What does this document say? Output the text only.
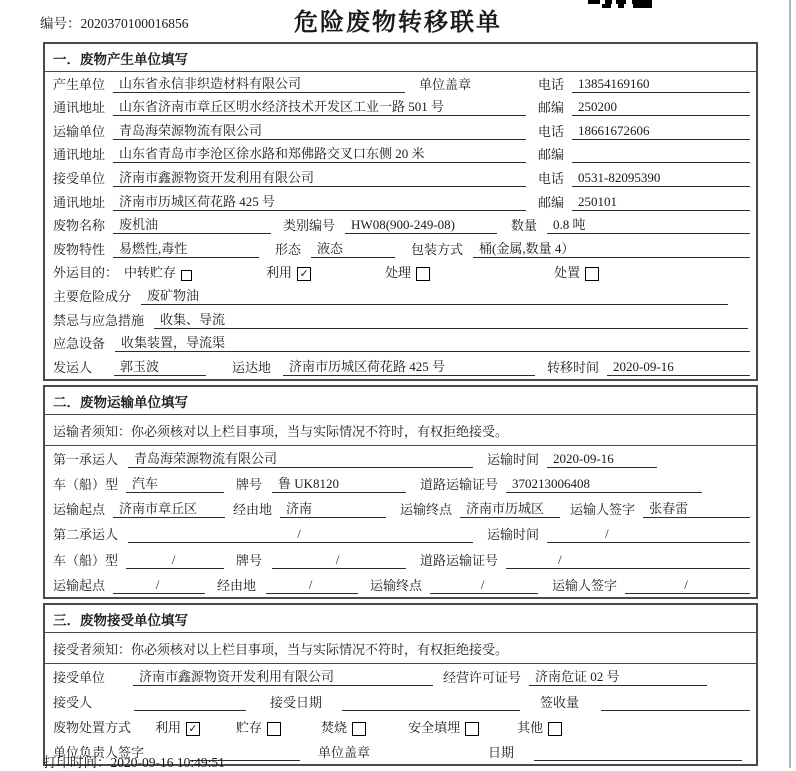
编号：2020370100016856	危险废物转移联单
一．废物产生单位填写
产生单位	山东省永信非织造材料有限公司	单位盖章	电话	13854169160
通讯地址	山东省济南市章丘区明水经济技术开发区工业一路 501 号	邮编	250200
运输单位	青岛海荣源物流有限公司	电话	18661672606
通讯地址	山东省青岛市李沧区徐水路和郑佛路交叉口东侧 20 米	邮编
接受单位	济南市鑫源物资开发利用有限公司	电话	0531-82095390
通讯地址	济南市历城区荷花路 425 号	邮编	250101
废物名称	废机油	类别编号	HW08(900-249-08)	数量	0.8 吨
废物特性	易燃性,毒性	形态	液态	包装方式	桶(金属,数量 4）
外运目的： 中转贮存	利用 ✓	处理	处置
主要危险成分	废矿物油
禁忌与应急措施	收集、导流
应急设备	收集装置，导流渠
发运人	郭玉波	运达地	济南市历城区荷花路 425 号	转移时间	2020-09-16
二．废物运输单位填写
运输者须知：你必须核对以上栏目事项，当与实际情况不符时，有权拒绝接受。
第一承运人	青岛海荣源物流有限公司	运输时间	2020-09-16
车（船）型	汽车	牌号	鲁 UK8120	道路运输证号	370213006408
运输起点	济南市章丘区	经由地	济南	运输终点	济南市历城区	运输人签字	张春雷
第二承运人	/	运输时间	/
车（船）型	/	牌号	/	道路运输证号	/
运输起点	/	经由地	/	运输终点	/	运输人签字	/
三．废物接受单位填写
接受者须知：你必须核对以上栏目事项，当与实际情况不符时，有权拒绝接受。
接受单位	济南市鑫源物资开发利用有限公司	经营许可证号	济南危证 02 号
接受人	接受日期	签收量
废物处置方式 利用 ✓	贮存	焚烧	安全填埋	其他
单位负责人签字	单位盖章	日期
打印时间：2020-09-16 10:49:51
